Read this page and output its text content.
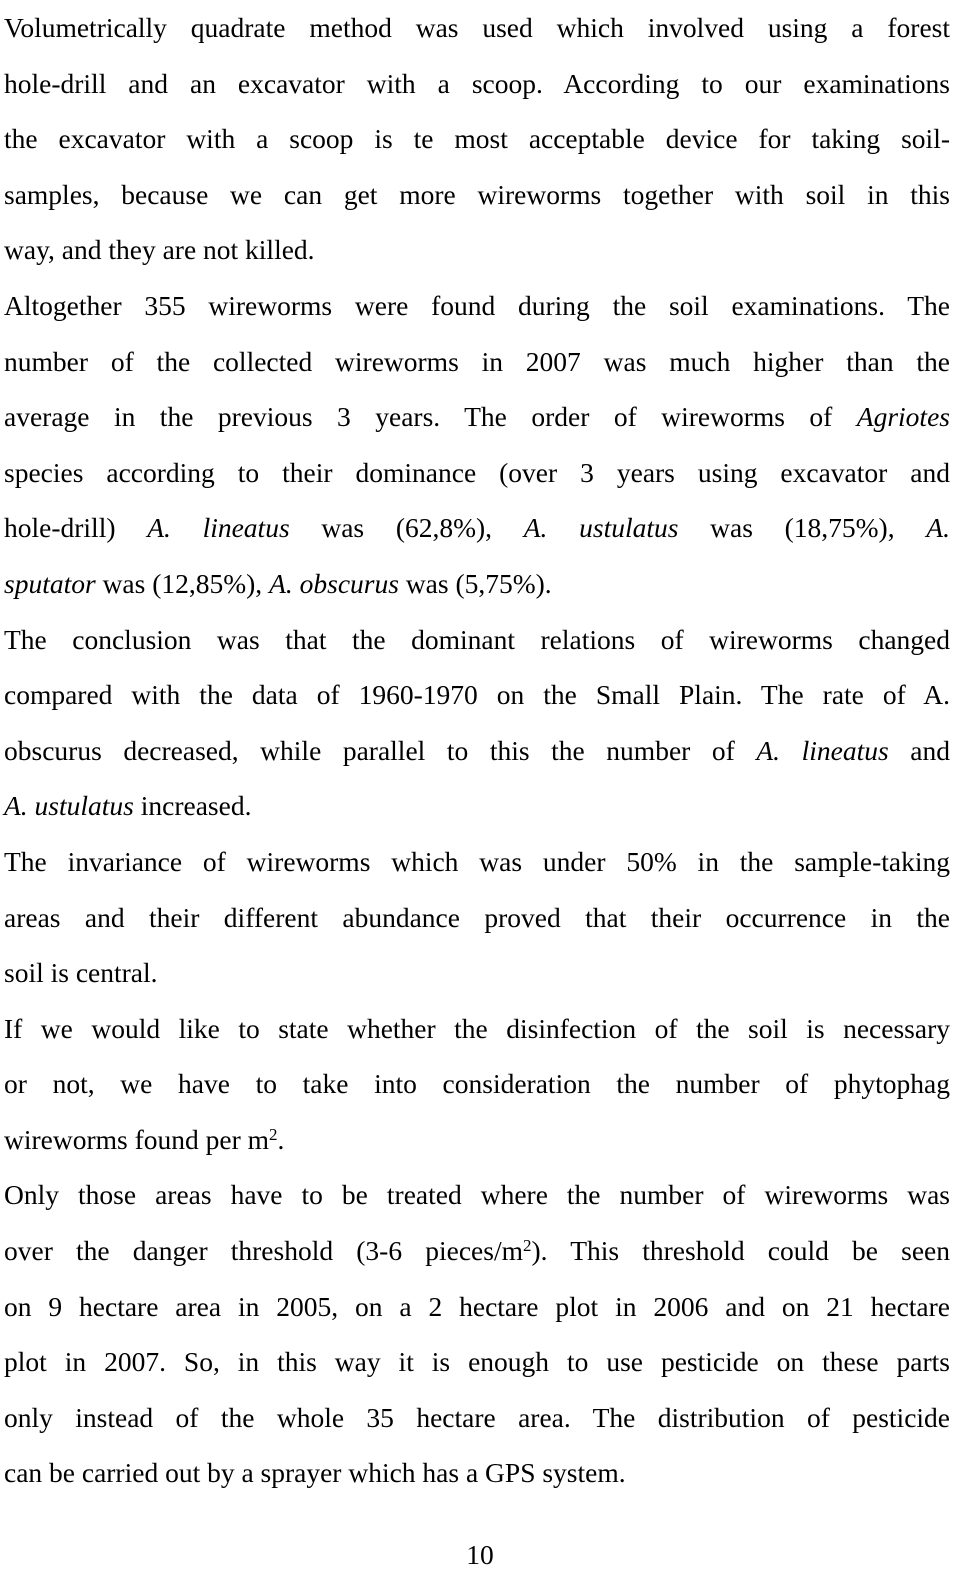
Volumetrically quadrate method was used which involved using a forest
hole-drill and an excavator with a scoop. According to our examinations
the excavator with a scoop is te most acceptable device for taking soil-
samples, because we can get more wireworms together with soil in this
way, and they are not killed.
Altogether 355 wireworms were found during the soil examinations. The
number of the collected wireworms in 2007 was much higher than the
average in the previous 3 years. The order of wireworms of Agriotes
species according to their dominance (over 3 years using excavator and
hole-drill) A. lineatus was (62,8%), A. ustulatus was (18,75%), A.
sputator was (12,85%), A. obscurus was (5,75%).
The conclusion was that the dominant relations of wireworms changed
compared with the data of 1960-1970 on the Small Plain. The rate of A.
obscurus decreased, while parallel to this the number of A. lineatus and
A. ustulatus increased.
The invariance of wireworms which was under 50% in the sample-taking
areas and their different abundance proved that their occurrence in the
soil is central.
If we would like to state whether the disinfection of the soil is necessary
or not, we have to take into consideration the number of phytophag
wireworms found per $m^2$.
Only those areas have to be treated where the number of wireworms was
over the danger threshold (3-6 pieces/$m^2$). This threshold could be seen
on 9 hectare area in 2005, on a 2 hectare plot in 2006 and on 21 hectare
plot in 2007. So, in this way it is enough to use pesticide on these parts
only instead of the whole 35 hectare area. The distribution of pesticide
can be carried out by a sprayer which has a GPS system.
10
